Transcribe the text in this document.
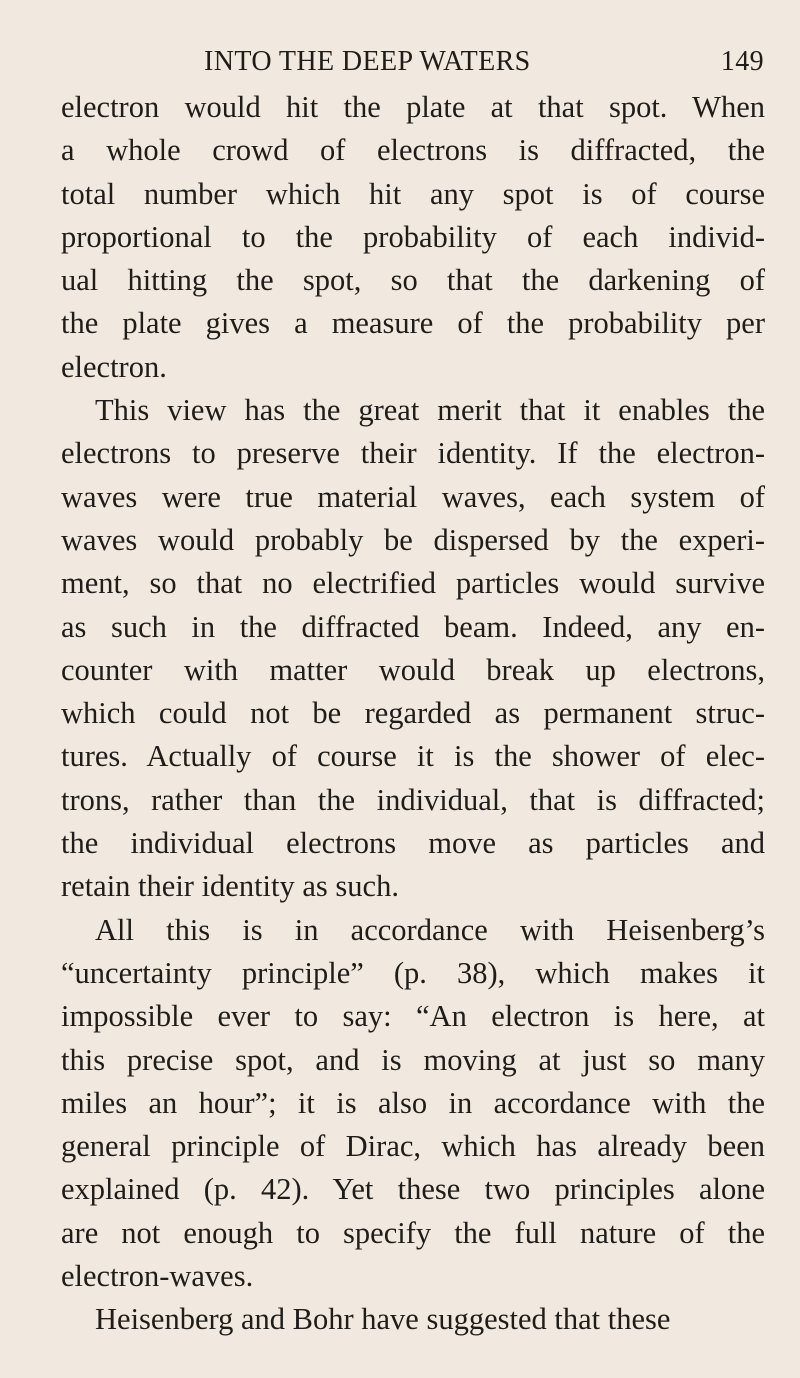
INTO THE DEEP WATERS	149
electron would hit the plate at that spot. When
a whole crowd of electrons is diffracted, the
total number which hit any spot is of course
proportional to the probability of each individ-
ual hitting the spot, so that the darkening of
the plate gives a measure of the probability per
electron.
This view has the great merit that it enables the
electrons to preserve their identity. If the electron-
waves were true material waves, each system of
waves would probably be dispersed by the experi-
ment, so that no electrified particles would survive
as such in the diffracted beam. Indeed, any en-
counter with matter would break up electrons,
which could not be regarded as permanent struc-
tures. Actually of course it is the shower of elec-
trons, rather than the individual, that is diffracted;
the individual electrons move as particles and
retain their identity as such.
All this is in accordance with Heisenberg’s
“uncertainty principle” (p. 38), which makes it
impossible ever to say: “An electron is here, at
this precise spot, and is moving at just so many
miles an hour”; it is also in accordance with the
general principle of Dirac, which has already been
explained (p. 42). Yet these two principles alone
are not enough to specify the full nature of the
electron-waves.
Heisenberg and Bohr have suggested that these
